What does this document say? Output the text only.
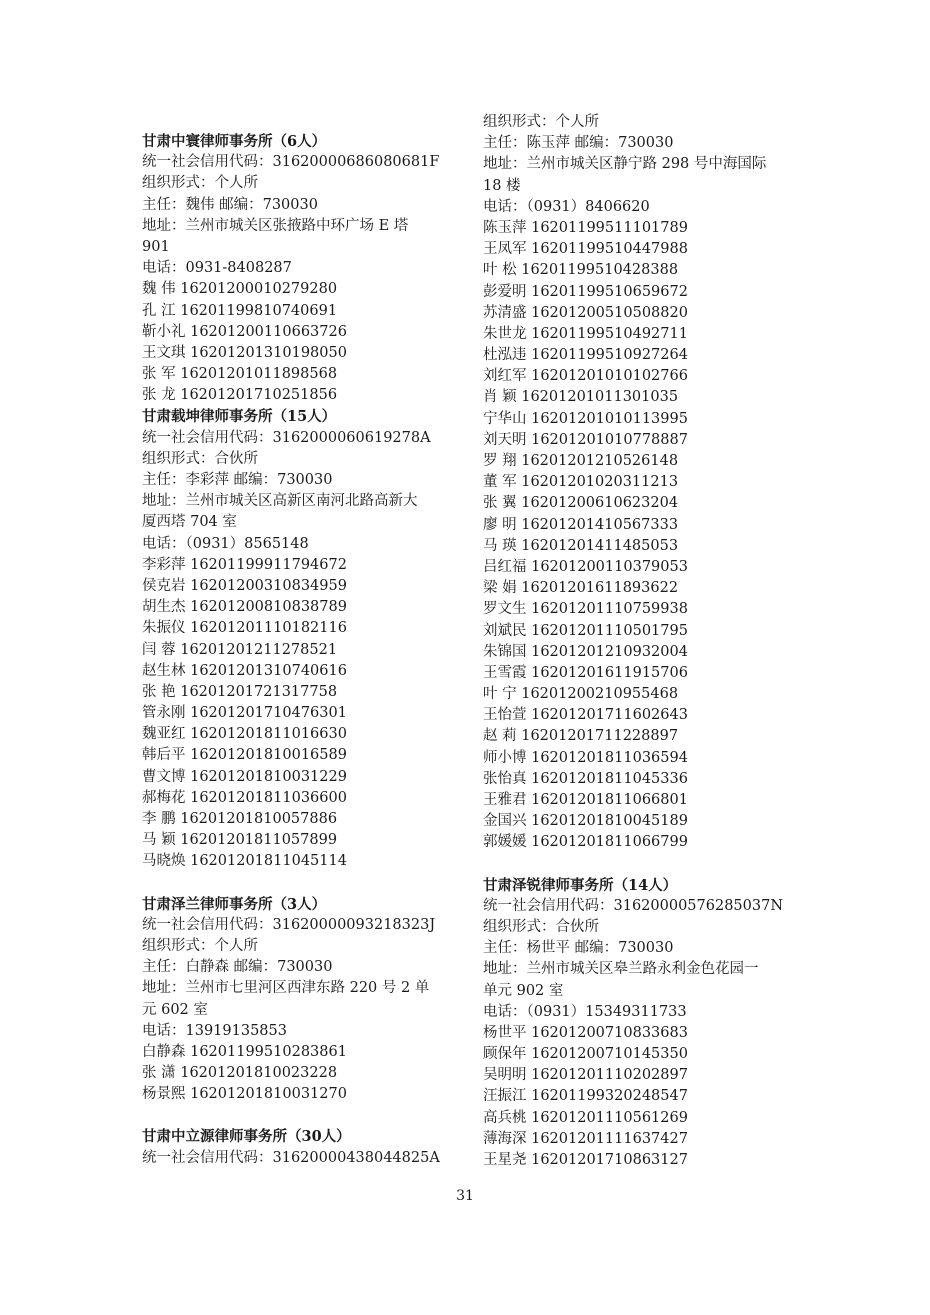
甘肃中寰律师事务所（6人）
统一社会信用代码：31620000686080681F
组织形式：个人所
主任：魏伟 邮编：730030
地址：兰州市城关区张掖路中环广场 E 塔
901
电话：0931-8408287
魏 伟 16201200010279280
孔 江 16201199810740691
靳小礼 16201200110663726
王文琪 16201201310198050
张 军 16201201011898568
张 龙 16201201710251856
甘肃载坤律师事务所（15人）
统一社会信用代码：3162000060619278A
组织形式：合伙所
主任：李彩萍 邮编：730030
地址：兰州市城关区高新区南河北路高新大
厦西塔 704 室
电话：（0931）8565148
李彩萍 16201199911794672
侯克岩 16201200310834959
胡生杰 16201200810838789
朱振仪 16201201110182116
闫 蓉 16201201211278521
赵生林 16201201310740616
张 艳 16201201721317758
管永刚 16201201710476301
魏亚红 16201201811016630
韩后平 16201201810016589
曹文博 16201201810031229
郝梅花 16201201811036600
李 鹏 16201201810057886
马 颖 16201201811057899
马晓焕 16201201811045114
甘肃泽兰律师事务所（3人）
统一社会信用代码：31620000093218323J
组织形式：个人所
主任：白静森 邮编：730030
地址：兰州市七里河区西津东路 220 号 2 单
元 602 室
电话：13919135853
白静森 16201199510283861
张 潇 16201201810023228
杨景熙 16201201810031270
甘肃中立源律师事务所（30人）
统一社会信用代码：31620000438044825A
组织形式：个人所
主任：陈玉萍 邮编：730030
地址：兰州市城关区静宁路 298 号中海国际
18 楼
电话：（0931）8406620
陈玉萍 16201199511101789
王凤军 16201199510447988
叶 松 16201199510428388
彭爱明 16201199510659672
苏清盛 16201200510508820
朱世龙 16201199510492711
杜泓违 16201199510927264
刘红军 16201201010102766
肖 颖 16201201011301035
宁华山 16201201010113995
刘天明 16201201010778887
罗 翔 16201201210526148
董 军 16201201020311213
张 翼 16201200610623204
廖 明 16201201410567333
马 瑛 16201201411485053
吕红福 16201200110379053
梁 娟 16201201611893622
罗文生 16201201110759938
刘斌民 16201201110501795
朱锦国 16201201210932004
王雪霞 16201201611915706
叶 宁 16201200210955468
王怡萱 16201201711602643
赵 莉 16201201711228897
师小博 16201201811036594
张怡真 16201201811045336
王雅君 16201201811066801
金国兴 16201201810045189
郭媛媛 16201201811066799
甘肃泽锐律师事务所（14人）
统一社会信用代码：31620000576285037N
组织形式：合伙所
主任：杨世平 邮编：730030
地址：兰州市城关区皋兰路永利金色花园一
单元 902 室
电话：（0931）15349311733
杨世平 16201200710833683
顾保年 16201200710145350
吴明明 16201201110202897
汪振江 16201199320248547
高兵桃 16201201110561269
薄海深 16201201111637427
王星尧 16201201710863127
31
